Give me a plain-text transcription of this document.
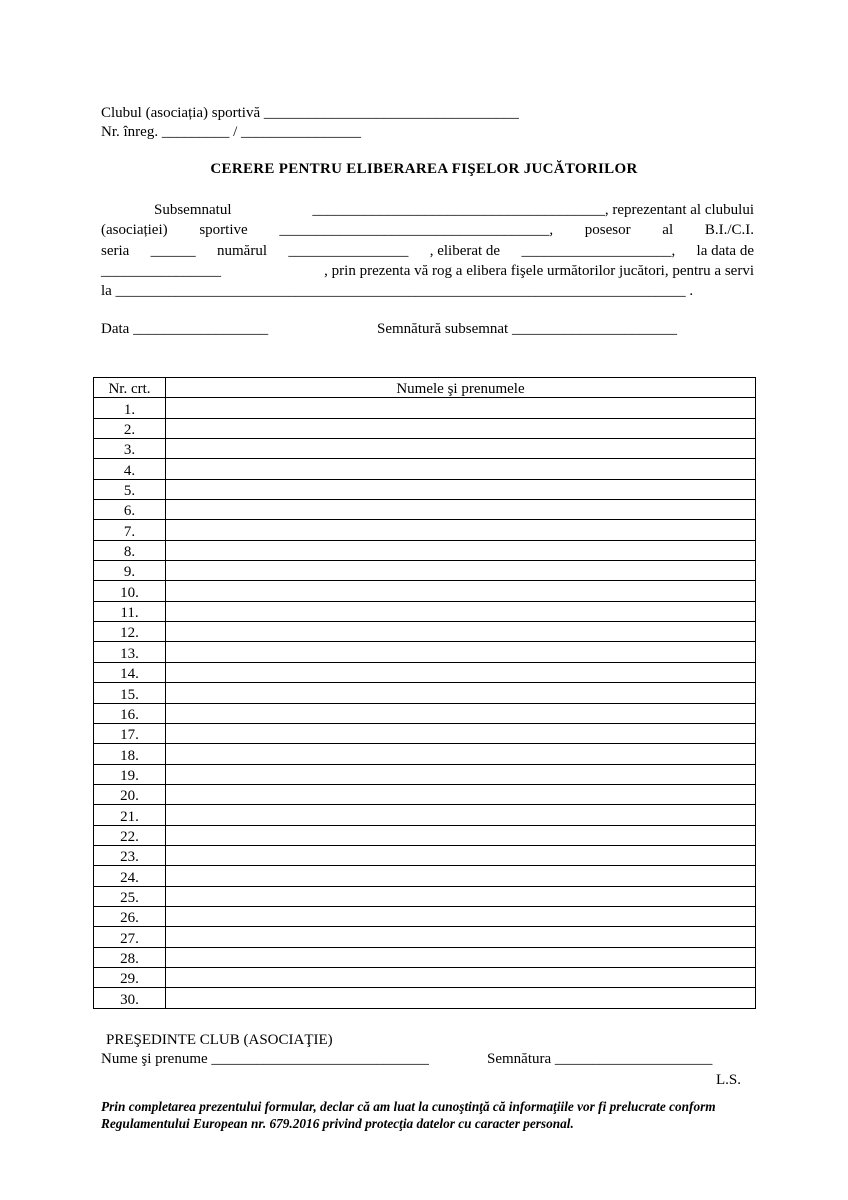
Clubul (asociația) sportivă __________________________________
Nr. înreg. _________ / ________________
CERERE PENTRU ELIBERAREA FIŞELOR JUCĂTORILOR
Subsemnatul	_______________________________________, reprezentant al clubului
(asociației) sportive ____________________________________, posesor al B.I./C.I.
seria ______ numărul ________________ , eliberat de ____________________, la data de
________________	, prin prezenta vă rog a elibera fişele următorilor jucători, pentru a servi
la ____________________________________________________________________________ .
Data __________________	Semnătură subsemnat ______________________
Nr. crt.	Numele şi prenumele
1.	
2.	
3.	
4.	
5.	
6.	
7.	
8.	
9.	
10.	
11.	
12.	
13.	
14.	
15.	
16.	
17.	
18.	
19.	
20.	
21.	
22.	
23.	
24.	
25.	
26.	
27.	
28.	
29.	
30.	
PREŞEDINTE CLUB (ASOCIAŢIE)
Nume şi prenume _____________________________	Semnătura _____________________
L.S.
Prin completarea prezentului formular, declar că am luat la cunoştinţă că informaţiile vor fi prelucrate conform Regulamentului European nr. 679.2016 privind protecţia datelor cu caracter personal.
